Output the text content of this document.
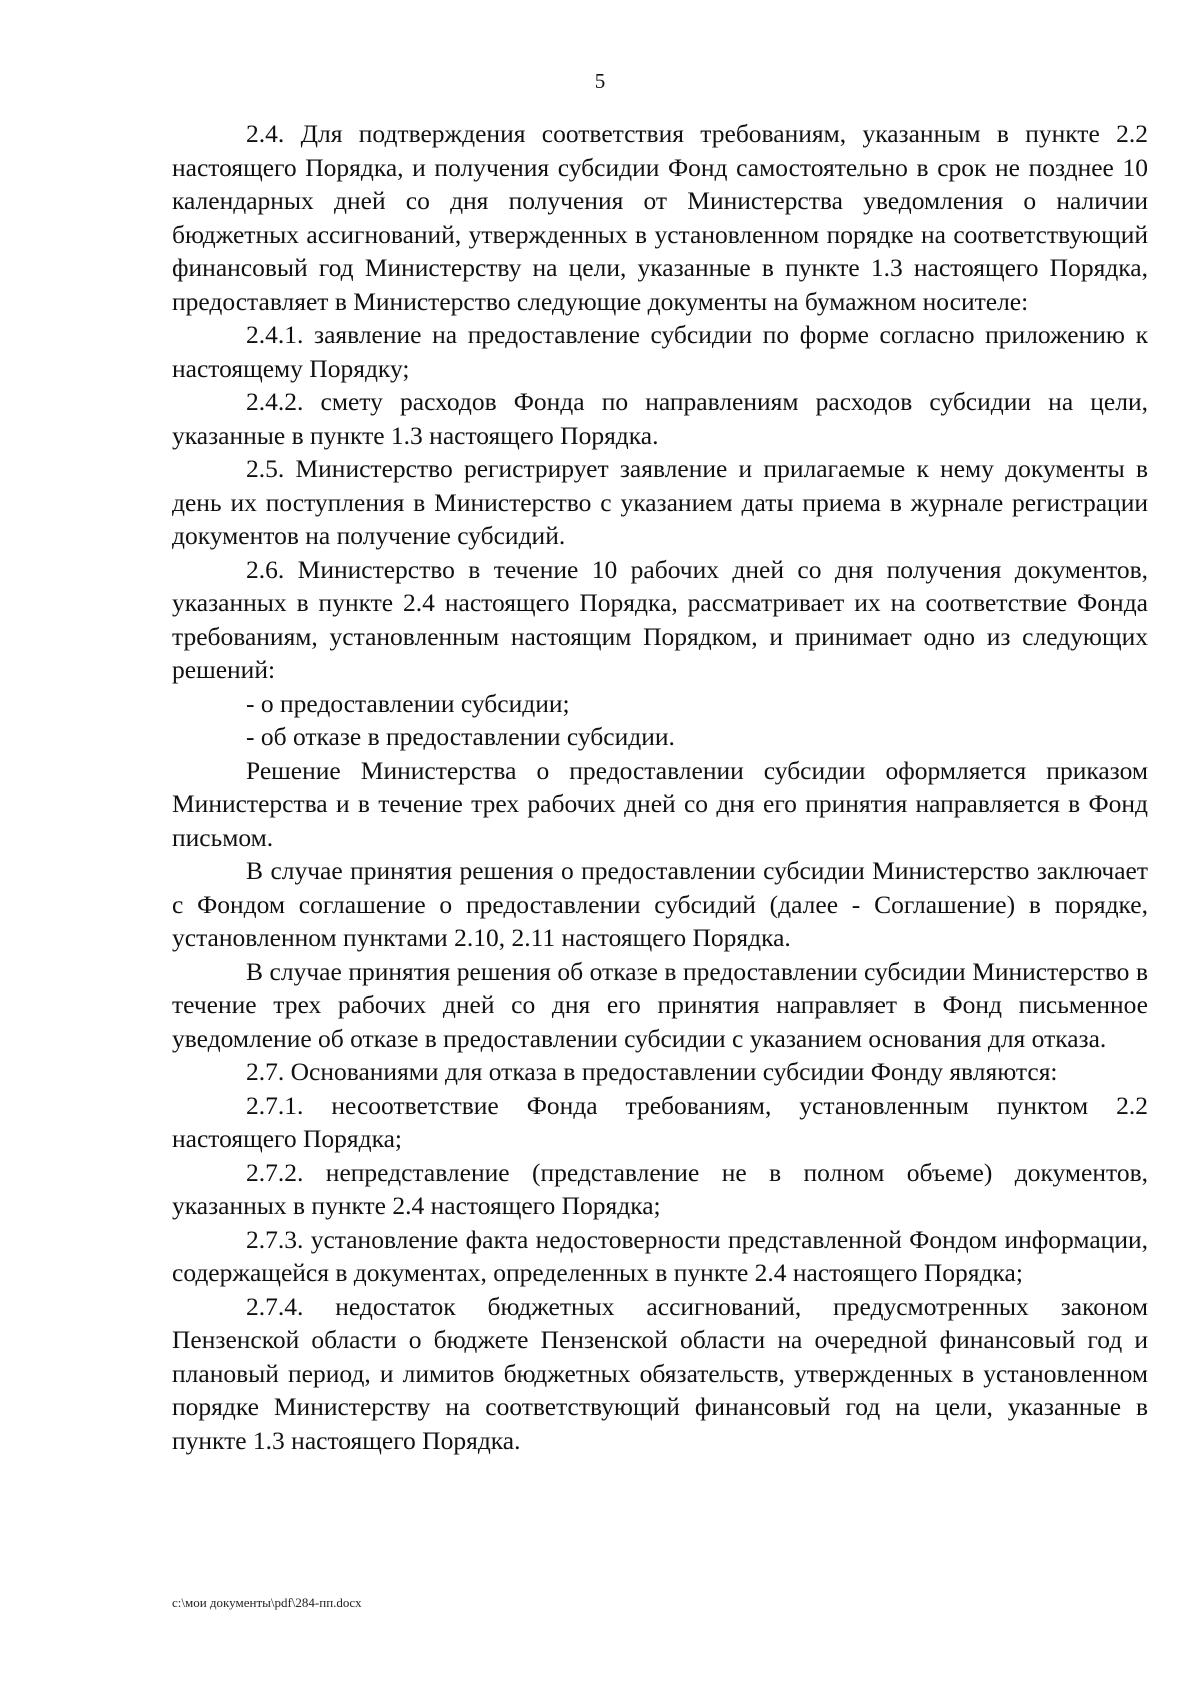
5

2.4. Для подтверждения соответствия требованиям, указанным в пункте 2.2 настоящего Порядка, и получения субсидии Фонд самостоятельно в срок не позднее 10 календарных дней со дня получения от Министерства уведомления о наличии бюджетных ассигнований, утвержденных в установленном порядке на соответствующий финансовый год Министерству на цели, указанные в пункте 1.3 настоящего Порядка, предоставляет в Министерство следующие документы на бумажном носителе:

2.4.1. заявление на предоставление субсидии по форме согласно приложению к настоящему Порядку;

2.4.2. смету расходов Фонда по направлениям расходов субсидии на цели, указанные в пункте 1.3 настоящего Порядка.

2.5. Министерство регистрирует заявление и прилагаемые к нему документы в день их поступления в Министерство с указанием даты приема в журнале регистрации документов на получение субсидий.

2.6. Министерство в течение 10 рабочих дней со дня получения документов, указанных в пункте 2.4 настоящего Порядка, рассматривает их на соответствие Фонда требованиям, установленным настоящим Порядком, и принимает одно из следующих решений:

- о предоставлении субсидии;

- об отказе в предоставлении субсидии.

Решение Министерства о предоставлении субсидии оформляется приказом Министерства и в течение трех рабочих дней со дня его принятия направляется в Фонд письмом.

В случае принятия решения о предоставлении субсидии Министерство заключает с Фондом соглашение о предоставлении субсидий (далее - Соглашение) в порядке, установленном пунктами 2.10, 2.11 настоящего Порядка.

В случае принятия решения об отказе в предоставлении субсидии Министерство в течение трех рабочих дней со дня его принятия направляет в Фонд письменное уведомление об отказе в предоставлении субсидии с указанием основания для отказа.

2.7. Основаниями для отказа в предоставлении субсидии Фонду являются:

2.7.1. несоответствие Фонда требованиям, установленным пунктом 2.2 настоящего Порядка;

2.7.2. непредставление (представление не в полном объеме) документов, указанных в пункте 2.4 настоящего Порядка;

2.7.3. установление факта недостоверности представленной Фондом информации, содержащейся в документах, определенных в пункте 2.4 настоящего Порядка;

2.7.4. недостаток бюджетных ассигнований, предусмотренных законом Пензенской области о бюджете Пензенской области на очередной финансовый год и плановый период, и лимитов бюджетных обязательств, утвержденных в установленном порядке Министерству на соответствующий финансовый год на цели, указанные в пункте 1.3 настоящего Порядка.

c:\мои документы\pdf\284-пп.docx
